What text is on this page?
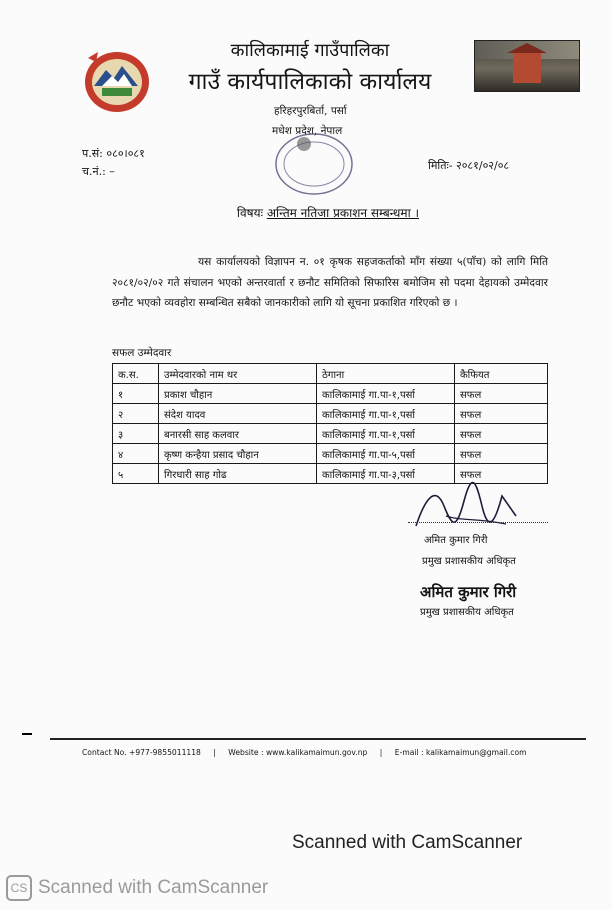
कालिकामाई गाउँपालिका
गाउँ कार्यपालिकाको कार्यालय
हरिहरपुरबिर्ता, पर्सा
मधेश प्रदेश, नेपाल
प.सं: ०८०।०८१
च.नं.: –	मितिः- २०८१/०२/०८
विषयः अन्तिम नतिजा प्रकाशन सम्बन्धमा ।

यस कार्यालयको विज्ञापन न. ०१ कृषक सहजकर्ताको माँग संख्या ५(पाँच) को लागि मिति २०८१/०२/०२ गते संचालन भएको अन्तरवार्ता र छनौट समितिको सिफारिस बमोजिम सो पदमा देहायको उम्मेदवार छनौट भएको व्यवहोरा सम्बन्धित सबैको जानकारीको लागि यो सूचना प्रकाशित गरिएको छ ।

सफल उम्मेदवार
क.स.	उम्मेदवारको नाम थर	ठेगाना	कैफियत
१	प्रकाश चौहान	कालिकामाई गा.पा-१,पर्सा	सफल
२	संदेश यादव	कालिकामाई गा.पा-१,पर्सा	सफल
३	बनारसी साह कलवार	कालिकामाई गा.पा-१,पर्सा	सफल
४	कृष्ण कन्हैया प्रसाद चौहान	कालिकामाई गा.पा-५,पर्सा	सफल
५	गिरधारी साह गोढ	कालिकामाई गा.पा-३,पर्सा	सफल
अमित कुमार गिरी
प्रमुख प्रशासकीय अधिकृत
अमित कुमार गिरी
प्रमुख प्रशासकीय अधिकृत
Contact No. +977-9855011118 | Website : www.kalikamaimun.gov.np | E-mail : kalikamaimun@gmail.com
Scanned with CamScanner
CS Scanned with CamScanner
